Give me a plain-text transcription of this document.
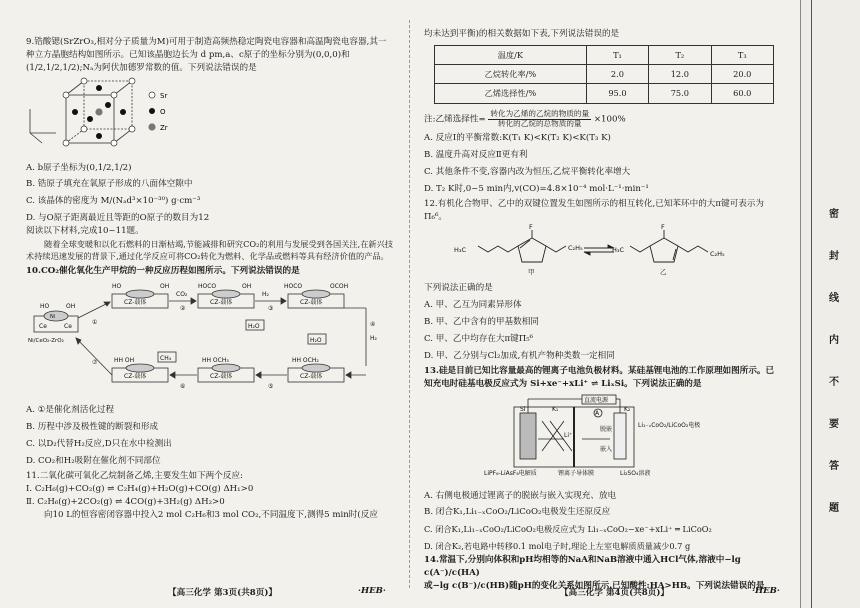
9.锆酸锶(SrZrO₃,相对分子质量为M)可用于制造高频热稳定陶瓷电容器和高温陶瓷电容器,其一种立方晶胞结构如图所示。已知该晶胞边长为 d pm,a、c原子的坐标分别为(0,0,0)和

(1/2,1/2,1/2);Nₐ为阿伏加德罗常数的值。下列说法错误的是

Sr
O
Zr

A. b原子坐标为(0,1/2,1/2)

B. 锆原子填充在氧原子形成的八面体空隙中

C. 该晶体的密度为 M/(Nₐd³×10⁻³⁰) g·cm⁻³

D. 与O原子距离最近且等距的O原子的数目为12

阅读以下材料,完成10~11题。

随着全球变暖和以化石燃料的日渐枯竭,节能减排和研究CO₂的利用与发展受到各国关注,在新兴技术持续迅速发展的背景下,通过化学反应可将CO₂转化为燃料、化学品或燃料等具有经济价值的产品。

10.CO₂催化氧化生产甲烷的一种反应历程如图所示。下列说法错误的是

Ce	Ce
Ni
Ni/CeO₂-ZrO₂
HO	OH
CZ-载体	CZ-载体	CZ-载体
CZ-载体
CZ-载体
CZ-载体
HO	OH	HOCO	OH	HOCO	OCOH
CO₂	H₂
H₂O	H₂
CH₄
H₂O
HH OCH₂
HH OCH₃
HH OH
①
②	③
④
⑤
⑥
⑦

A. ①是催化剂活化过程

B. 历程中涉及极性键的断裂和形成

C. 以D₂代替H₂反应,D只在水中检测出

D. CO₂和H₂吸附在催化剂不同部位

11.二氧化碳可氧化乙烷制备乙烯,主要发生如下两个反应:

Ⅰ. C₂H₆(g)+CO₂(g) ⇌ C₂H₄(g)+H₂O(g)+CO(g) ΔH₁>0

Ⅱ. C₂H₆(g)+2CO₂(g) ⇌ 4CO(g)+3H₂(g) ΔH₂>0

向10 L的恒容密闭容器中投入2 mol C₂H₆和3 mol CO₂,不同温度下,测得5 min时(反应

均未达到平衡)的相关数据如下表,下列说法错误的是

温度/K	T₁	T₂	T₃
乙烷转化率/%	2.0	12.0	20.0
乙烯选择性/%	95.0	75.0	60.0

注:乙烯选择性= $\frac{\text{转化为乙烯的乙烷的物质的量}}{\text{转化的乙烷的总物质的量}} \times 100\%$

A. 反应Ⅰ的平衡常数:K(T₁ K)<K(T₂ K)<K(T₃ K)

B. 温度升高对反应Ⅱ更有利

C. 其他条件不变,容器内改为恒压,乙烷平衡转化率增大

D. T₂ K时,0~5 min内,v(CO)=4.8×10⁻⁴ mol·L⁻¹·min⁻¹

12.有机化合物甲、乙中的双键位置发生如图所示的相互转化,已知苯环中的大π键可表示为Π₆⁶。

H₃C	C₂H₅
F
H₃C	C₂H₅
F
甲	乙

下列说法正确的是

A. 甲、乙互为同素异形体

B. 甲、乙中含有的甲基数相同

C. 甲、乙中均存在大π键Π₅⁶

D. 甲、乙分别与Cl₂加成,有机产物种类数一定相同

13.硅是目前已知比容量最高的锂离子电池负极材料。某硅基锂电池的工作原理如图所示。已知充电时硅基电极反应式为 Si+xe⁻+xLi⁺ ⇌ LiₓSi。下列说法正确的是

直流电源
A
K₁	K₂
Si
Li⁺
Li₁₋ₓCoO₂/LiCoO₂电极
脱嵌
嵌入
LiPF₆-LiAsF₆电解质	锂离子导体膜	Li₂SO₄溶液

A. 右侧电极通过锂离子的脱嵌与嵌入实现充、放电

B. 闭合K₁,Li₁₋ₓCoO₂/LiCoO₂电极发生还原反应

C. 闭合K₁,Li₁₋ₓCoO₂/LiCoO₂电极反应式为 Li₁₋ₓCoO₂−xe⁻+xLi⁺ ═ LiCoO₂

D. 闭合K₂,若电路中转移0.1 mol电子时,理论上左室电解质质量减少0.7 g

14.常温下,分别向体积和pH均相等的NaA和NaB溶液中通入HCl气体,溶液中−lg c(A⁻)/c(HA)

或−lg c(B⁻)/c(HB)随pH的变化关系如图所示,已知酸性:HA>HB。下列说法错误的是

【高三化学 第3页(共8页)】	·HEB·	【高三化学 第4页(共8页)】	·HEB·
密
封
线
内
不
要
答
题
